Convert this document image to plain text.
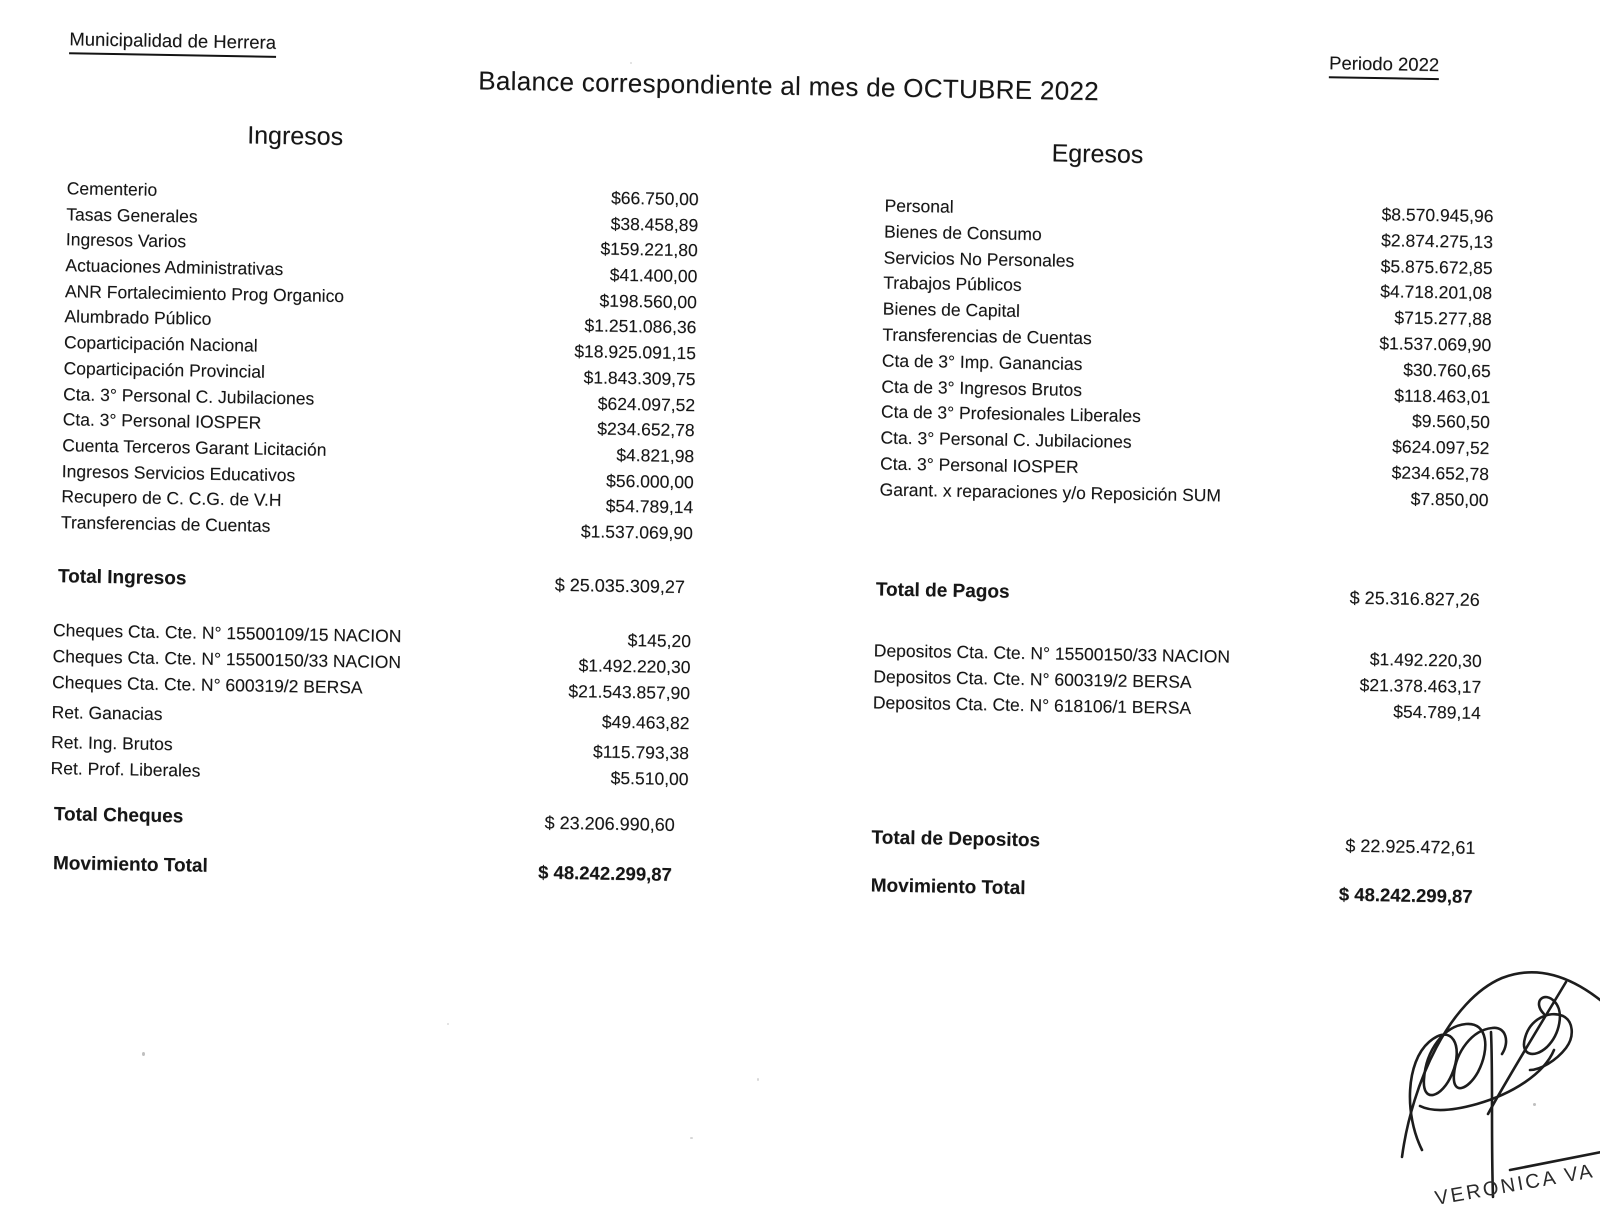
Municipalidad de Herrera
Periodo 2022
Balance correspondiente al mes de OCTUBRE 2022
Ingresos
Egresos
Cementerio	$66.750,00
Tasas Generales	$38.458,89
Ingresos Varios	$159.221,80
Actuaciones Administrativas	$41.400,00
ANR Fortalecimiento Prog Organico	$198.560,00
Alumbrado Público	$1.251.086,36
Coparticipación Nacional	$18.925.091,15
Coparticipación Provincial	$1.843.309,75
Cta. 3° Personal C. Jubilaciones	$624.097,52
Cta. 3° Personal IOSPER	$234.652,78
Cuenta Terceros Garant Licitación	$4.821,98
Ingresos Servicios Educativos	$56.000,00
Recupero de C. C.G. de V.H	$54.789,14
Transferencias de Cuentas	$1.537.069,90
Total Ingresos	$ 25.035.309,27
Cheques Cta. Cte. N° 15500109/15 NACION	$145,20
Cheques Cta. Cte. N° 15500150/33 NACION	$1.492.220,30
Cheques Cta. Cte. N° 600319/2 BERSA	$21.543.857,90
Ret. Ganacias	$49.463,82
Ret. Ing. Brutos	$115.793,38
Ret. Prof. Liberales	$5.510,00
Total Cheques	$ 23.206.990,60
Movimiento Total	$ 48.242.299,87
Personal	$8.570.945,96
Bienes de Consumo	$2.874.275,13
Servicios No Personales	$5.875.672,85
Trabajos Públicos	$4.718.201,08
Bienes de Capital	$715.277,88
Transferencias de Cuentas	$1.537.069,90
Cta de 3° Imp. Ganancias	$30.760,65
Cta de 3° Ingresos Brutos	$118.463,01
Cta de 3° Profesionales Liberales	$9.560,50
Cta. 3° Personal C. Jubilaciones	$624.097,52
Cta. 3° Personal IOSPER	$234.652,78
Garant. x reparaciones y/o Reposición SUM	$7.850,00
Total de Pagos	$ 25.316.827,26
Depositos Cta. Cte. N° 15500150/33 NACION	$1.492.220,30
Depositos Cta. Cte. N° 600319/2 BERSA	$21.378.463,17
Depositos Cta. Cte. N° 618106/1 BERSA	$54.789,14
Total de Depositos	$ 22.925.472,61
Movimiento Total	$ 48.242.299,87
VERONICA VA
